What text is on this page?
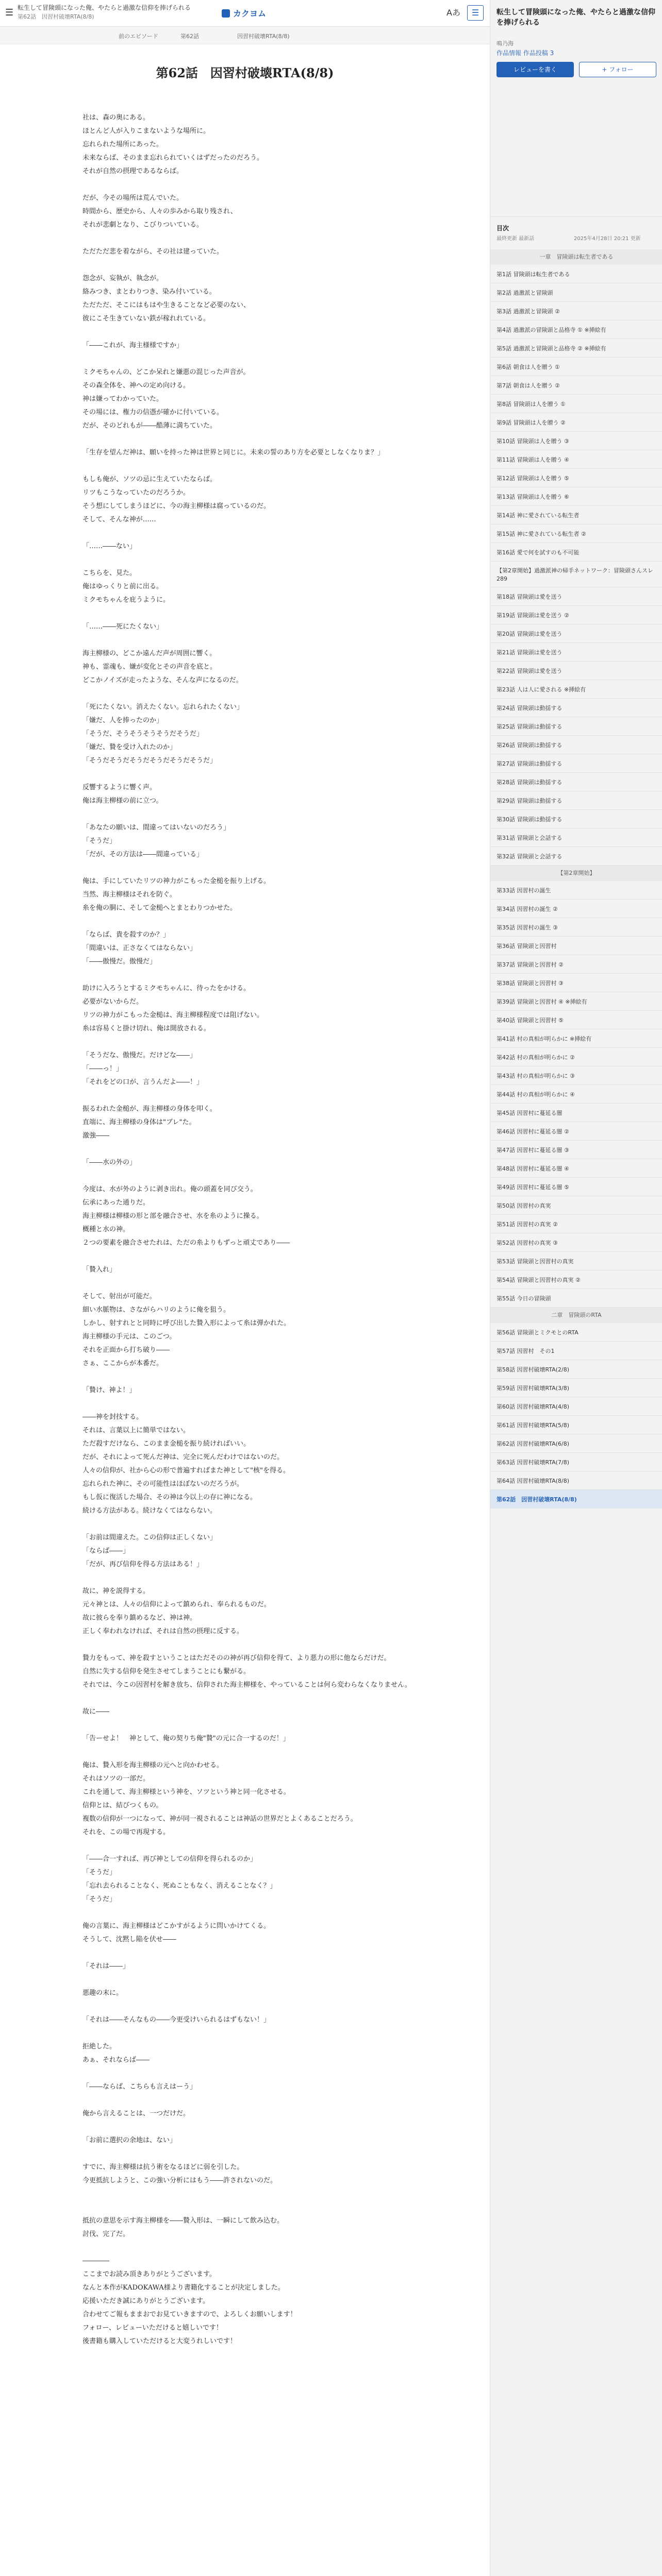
☰ 転生して冒険頭になった俺、やたらと過激な信仰を捧げられる
第62話　因習村破壊RTA(8/8)	カクヨム	Aあ	☰
前のエピソード	第62話	因習村破壊RTA(8/8)
第62話　因習村破壊RTA(8/8)
社は、森の奥にある。
ほとんど人が入りこまないような場所に。
忘れられた場所にあった。
未来ならば、そのまま忘れられていくはずだったのだろう。
それが自然の摂理であるならば。
だが、今その場所は荒んでいた。
時間から、歴史から、人々の歩みから取り残され、
それが悲劇となり、こびりついている。
ただただ悲を着ながら、その社は建っていた。
怨念が、妄執が、執念が。
絡みつき、まとわりつき、染み付いている。
ただただ、そこにはもはや生きることなど必要のない、
彼にこそ生きていない鉄が稼れれている。
「――これが、海主様様ですか」
ミクモちゃんの、どこか呆れと嫌悪の混じった声音が。
その森全体を、神への定め向ける。
神は嫌ってわかっていた。
その場には、権力の信憑が確かに付いている。
だが、そのどれもが――酷薄に満ちていた。
「生存を望んだ神は、願いを持った神は世界と同じに。未来の誓のあり方を必要としなくなりま？」
もしも俺が、ソツの忌に生えていたならば。
リツもこうなっていたのだろうか。
そう想にしてしまうほどに、今の海主柳様は腐っているのだ。
そして、そんな神が……
「……――ない」
こちらを、見た。
俺はゆっくりと前に出る。
ミクモちゃんを庇うように。
「……――死にたくない」
海主柳様の、どこか遠んだ声が周囲に響く。
神も、霊魂も、嫌が変化とその声音を底と。
どこかノイズが走ったような、そんな声になるのだ。
「死にたくない。消えたくない。忘れられたくない」
「嫌だ、人を捧ったのか」
「そうだ、そうそうそうそうだそうだ」
「嫌だ、贄を受け入れたのか」
「そうだそうだそうだそうだそうだそうだ」
反響するように響く声。
俺は海主柳様の前に立つ。
「あなたの願いは、間違ってはいないのだろう」
「そうだ」
「だが、その方法は――間違っている」
俺は、手にしていたリツの神力がこもった金槌を振り上げる。
当然、海主柳様はそれを防ぐ。
糸を俺の胴に、そして金槌へとまとわりつかせた。
「ならば、貴を殺すのか？」
「間違いは、正さなくてはならない」
「――傲慢だ。傲慢だ」
助けに入ろうとするミクモちゃんに、待ったをかける。
必要がないからだ。
リツの神力がこもった金槌は、海主柳様程度では阻げない。
糸は容易くと掛け切れ、俺は開放される。
「そうだな、傲慢だ。だけどな――」
「――っ！」
「それをどの口が、言うんだよ――！」
振るわれた金槌が、海主柳様の身体を叩く。
直端に、海主柳様の身体は"ブレ"た。
激強――
「――水の外の」
今度は、水が外のように剥き出れ。俺の頭蓋を同び交う。
伝承にあった通りだ。
海主柳様は柳様の形と部を融合させ、水を糸のように操る。
概種と水の神。
２つの要素を融合させたれは、ただの糸よりもずっと頑丈であり――
「贄入れ」
そして、射出が可能だ。
細い水脈物は、さながらハリのように俺を狙う。
しかし、射すれとと同時に呼び出した贄入形によって糸は弾かれた。
海主柳様の手元は、このごつ。
それを正面から打ち破り――
さぁ、ここからが本番だ。
「贄け、神よ！」
――神を封技する。
それは、言葉以上に簡単ではない。
ただ殺すだけなら、このまま金槌を振り続ければいい。
だが、それによって死んだ神は、完全に死んだわけではないのだ。
人々の信仰が、社から心の形で普遍すればまた神として"核"を得る。
忘れられた神に、その可能性はほぼないのだろうが。
もし仮に復活した場合、その神は今以上の存に神になる。
続ける方法がある。続けなくてはならない。
「お前は間違えた。この信仰は正しくない」
「ならば――」
「だが、再び信仰を得る方法はある！」
故に、神を説得する。
元々神とは、人々の信仰によって鎮められ、奉られるものだ。
故に彼らを奉り鎮めるなど、神は神。
正しく奉われなければ、それは自然の摂理に反する。
贄力をもって、神を殺すということはただそのの神が再び信仰を得て、より悪力の形に他ならだけだ。
自然に失する信仰を発生させてしまうことにも繋がる。
それでは、今この因習村を解き放ち、信仰された海主柳様を、やっていることは何ら変わらなくなりません。
故に――
「告ーせよ！　神として、俺の契りち俺"贄"の元に合一するのだ！」
俺は、贄入形を海主柳様の元へと向かわせる。
それはソツの一部だ。
これを通して、海主柳様という神を、ソツという神と同一化させる。
信仰とは、結びつくもの。
複数の信仰が一つになって、神が同一視されることは神話の世界だとよくあることだろう。
それを、この場で再現する。
「――合一すれば、再び神としての信仰を得られるのか」
「そうだ」
「忘れ去られることなく、死ぬこともなく、消えることなく？」
「そうだ」
俺の言葉に、海主柳様はどこかすがるように問いかけてくる。
そうして、沈黙し陥を伏せ――
「それは――」
悪趣の末に。
「それは――そんなもの――今更受けいられるはずもない！」
拒絶した。
あぁ、それならば――
「――ならば、こちらも言えはーう」
俺から言えることは、一つだけだ。
「お前に選択の余地は、ない」
すでに、海主柳様は抗う術をなるほどに弱を引した。
今更抵抗しようと、この強い分析にはもう――許されないのだ。

抵抗の意思を示す海主柳様を――贄入形は、一瞬にして飲み込む。
討伐、完了だ。
――――
ここまでお読み頂きありがとうございます。
なんと本作がKADOKAWA様より書籍化することが決定しました。
応援いただき誠にありがとうございます。
合わせてご報もままおでお見ていきますので、よろしくお願いします！
フォロー、レビューいただけると嬉しいです！
後書籍も購入していただけると大変うれしいです！
転生して冒険頭になった俺、やたらと過激な信仰を捧げられる
鳴乃海
作品情報 作品投稿 3
レビューを書く	+ フォロー
目次
最終更新 最新話	2025年4月28日 20:21 更新
一章　冒険頭は転生者である
第1話 冒険頭は転生者である
第2話 過激派と冒険頭
第3話 過激派と冒険頭 ②
第4話 過激派の冒険頭と品格寺 ① ※挿絵有
第5話 過激派と冒険頭と品格寺 ② ※挿絵有
第6話 朝食は人を贈う ①
第7話 朝食は人を贈う ②
第8話 冒険頭は人を贈う ①
第9話 冒険頭は人を贈う ②
第10話 冒険頭は人を贈う ③
第11話 冒険頭は人を贈う ④
第12話 冒険頭は人を贈う ⑤
第13話 冒険頭は人を贈う ⑥
第14話 神に愛されている転生者
第15話 神に愛されている転生者 ②
第16話 愛で何を試すのも不可能
【第2章開始】過激派神の帰手ネットワーク：冒険頭さんスレ289
第18話 冒険頭は愛を送う
第19話 冒険頭は愛を送う ②
第20話 冒険頭は愛を送う
第21話 冒険頭は愛を送う
第22話 冒険頭は愛を送う
第23話 人は人に愛される ※挿絵有
第24話 冒険頭は動揺する
第25話 冒険頭は動揺する
第26話 冒険頭は動揺する
第27話 冒険頭は動揺する
第28話 冒険頭は動揺する
第29話 冒険頭は動揺する
第30話 冒険頭は動揺する
第31話 冒険頭と会話する
第32話 冒険頭と会話する
【第2章開始】
第33話 因習村の誕生
第34話 因習村の誕生 ②
第35話 因習村の誕生 ③
第36話 冒険頭と因習村
第37話 冒険頭と因習村 ②
第38話 冒険頭と因習村 ③
第39話 冒険頭と因習村 ④ ※挿絵有
第40話 冒険頭と因習村 ⑤
第41話 村の真相が明らかに ※挿絵有
第42話 村の真相が明らかに ②
第43話 村の真相が明らかに ③
第44話 村の真相が明らかに ④
第45話 因習村に蔓延る闇
第46話 因習村に蔓延る闇 ②
第47話 因習村に蔓延る闇 ③
第48話 因習村に蔓延る闇 ④
第49話 因習村に蔓延る闇 ⑤
第50話 因習村の真実
第51話 因習村の真実 ②
第52話 因習村の真実 ③
第53話 冒険頭と因習村の真実
第54話 冒険頭と因習村の真実 ②
第55話 今日の冒険頭
二章　冒険頭のRTA
第56話 冒険頭とミクモとのRTA
第57話 因習村　その1
第58話 因習村破壊RTA(2/8)
第59話 因習村破壊RTA(3/8)
第60話 因習村破壊RTA(4/8)
第61話 因習村破壊RTA(5/8)
第62話 因習村破壊RTA(6/8)
第63話 因習村破壊RTA(7/8)
第64話 因習村破壊RTA(8/8)
第62話　因習村破壊RTA(8/8)
